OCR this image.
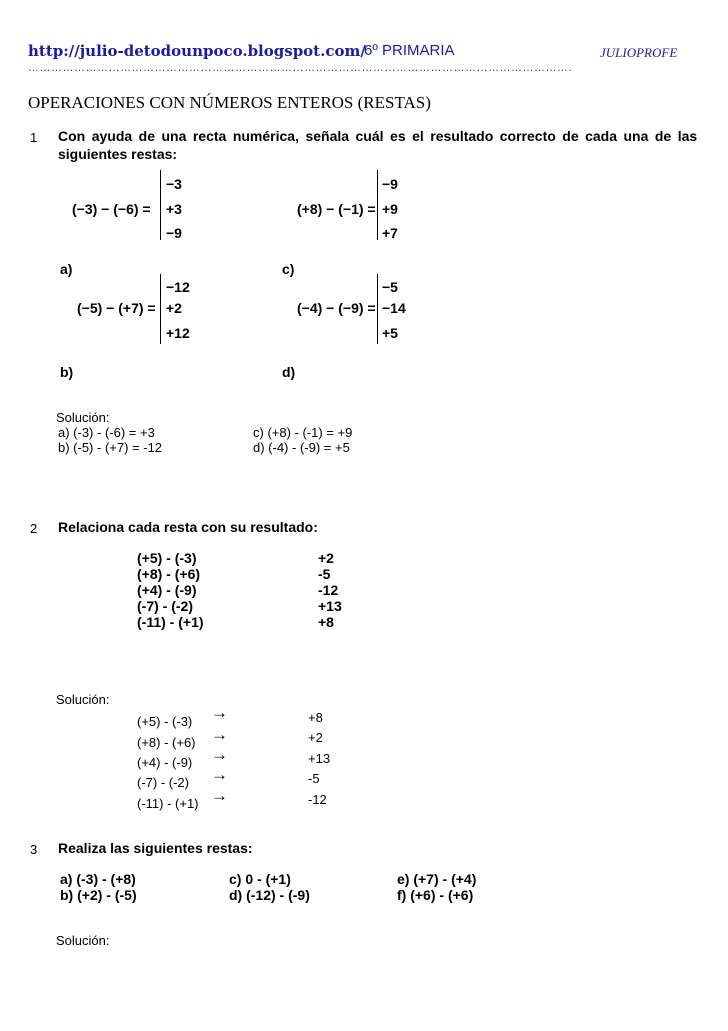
http://julio-detodounpoco.blogspot.com/
6º PRIMARIA	JULIOPROFE
…………………………………………………………………………………………………………………………….
OPERACIONES CON NÚMEROS ENTEROS (RESTAS)
1 Con ayuda de una recta numérica, señala cuál es el resultado correcto de cada una de las
siguientes restas:
(−3) − (−6) =
−3
+3
−9
a)
(+8) − (−1) =
−9
+9
+7
c)
(−5) − (+7) =
−12
+2
+12
b)
(−4) − (−9) =
−5
−14
+5
d)
Solución:
a) (-3) - (-6) = +3
b) (-5) - (+7) = -12
c) (+8) - (-1) = +9
d) (-4) - (-9) = +5
2 Relaciona cada resta con su resultado:
(+5) - (-3)
(+8) - (+6)
(+4) - (-9)
(-7) - (-2)
(-11) - (+1)
+2
-5
-12
+13
+8
Solución:
(+5) - (-3)
(+8) - (+6)
(+4) - (-9)
(-7) - (-2)
(-11) - (+1)
→
→
→
→
→
+8
+2
+13
-5
-12
3 Realiza las siguientes restas:
a) (-3) - (+8)
b) (+2) - (-5)
c) 0 - (+1)
d) (-12) - (-9)
e) (+7) - (+4)
f) (+6) - (+6)
Solución:
